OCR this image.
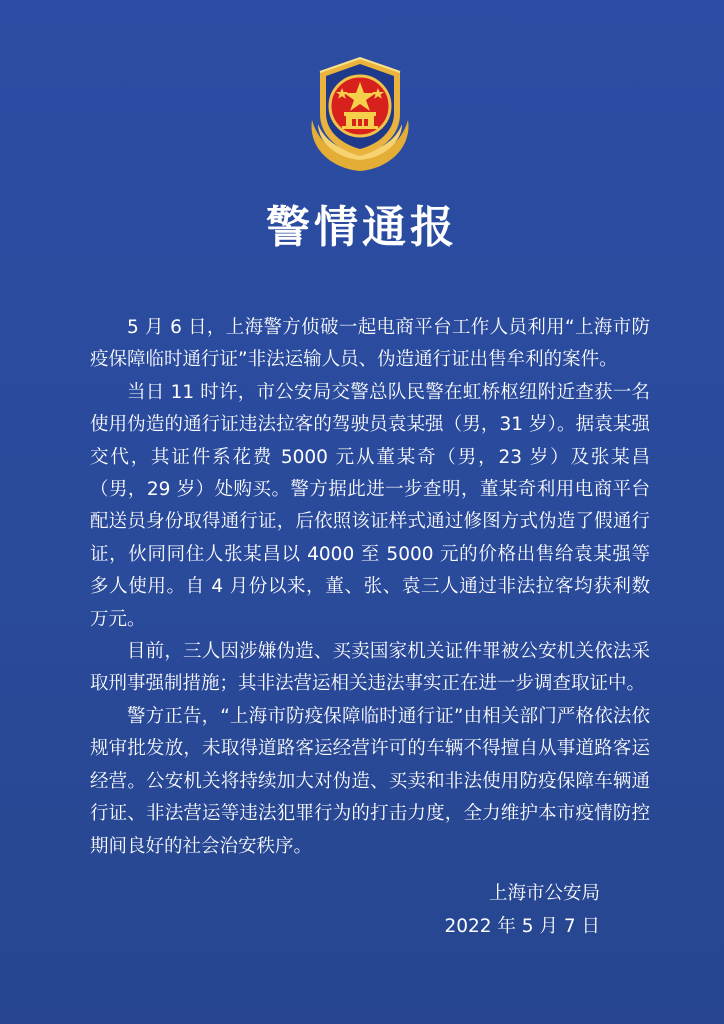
警情通报

5 月 6 日，上海警方侦破一起电商平台工作人员利用“上海市防疫保障临时通行证”非法运输人员、伪造通行证出售牟利的案件。

当日 11 时许，市公安局交警总队民警在虹桥枢纽附近查获一名使用伪造的通行证违法拉客的驾驶员袁某强（男，31 岁）。据袁某强交代，其证件系花费 5000 元从董某奇（男，23 岁）及张某昌（男，29 岁）处购买。警方据此进一步查明，董某奇利用电商平台配送员身份取得通行证，后依照该证样式通过修图方式伪造了假通行证，伙同同住人张某昌以 4000 至 5000 元的价格出售给袁某强等多人使用。自 4 月份以来，董、张、袁三人通过非法拉客均获利数万元。

目前，三人因涉嫌伪造、买卖国家机关证件罪被公安机关依法采取刑事强制措施；其非法营运相关违法事实正在进一步调查取证中。

警方正告，“上海市防疫保障临时通行证”由相关部门严格依法依规审批发放，未取得道路客运经营许可的车辆不得擅自从事道路客运经营。公安机关将持续加大对伪造、买卖和非法使用防疫保障车辆通行证、非法营运等违法犯罪行为的打击力度，全力维护本市疫情防控期间良好的社会治安秩序。

上海市公安局
2022 年 5 月 7 日
